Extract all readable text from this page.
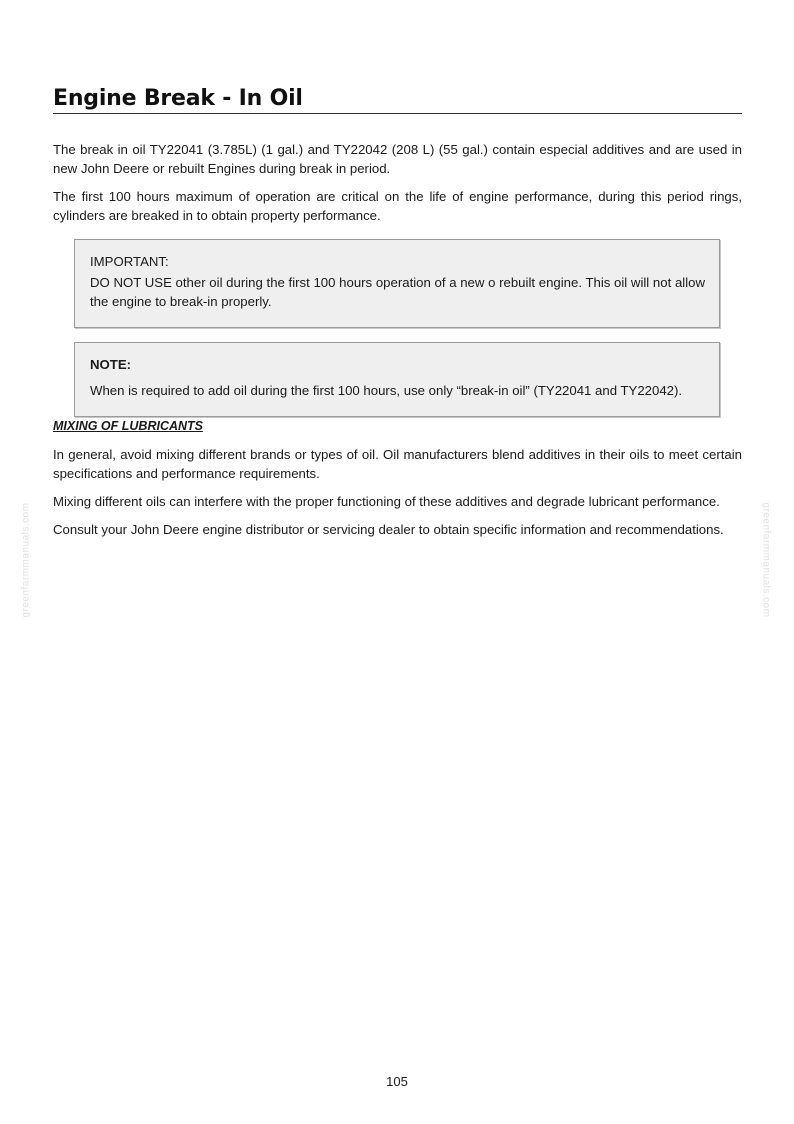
Engine Break - In Oil

The break in oil TY22041 (3.785L) (1 gal.) and TY22042 (208 L) (55 gal.) contain especial additives and are used in new John Deere or rebuilt Engines during break in period.

The first 100 hours maximum of operation are critical on the life of engine performance, during this period rings, cylinders are breaked in to obtain property performance.

IMPORTANT:

DO NOT USE other oil during the first 100 hours operation of a new o rebuilt engine. This oil will not allow the engine to break-in properly.

NOTE:

When is required to add oil during the first 100 hours, use only “break-in oil” (TY22041 and TY22042).

MIXING OF LUBRICANTS

In general, avoid mixing different brands or types of oil. Oil manufacturers blend additives in their oils to meet certain specifications and performance requirements.

Mixing different oils can interfere with the proper functioning of these additives and degrade lubricant performance.

Consult your John Deere engine distributor or servicing dealer to obtain specific information and recommendations.

greenfarmmanuals.com	greenfarmmanuals.com
105
